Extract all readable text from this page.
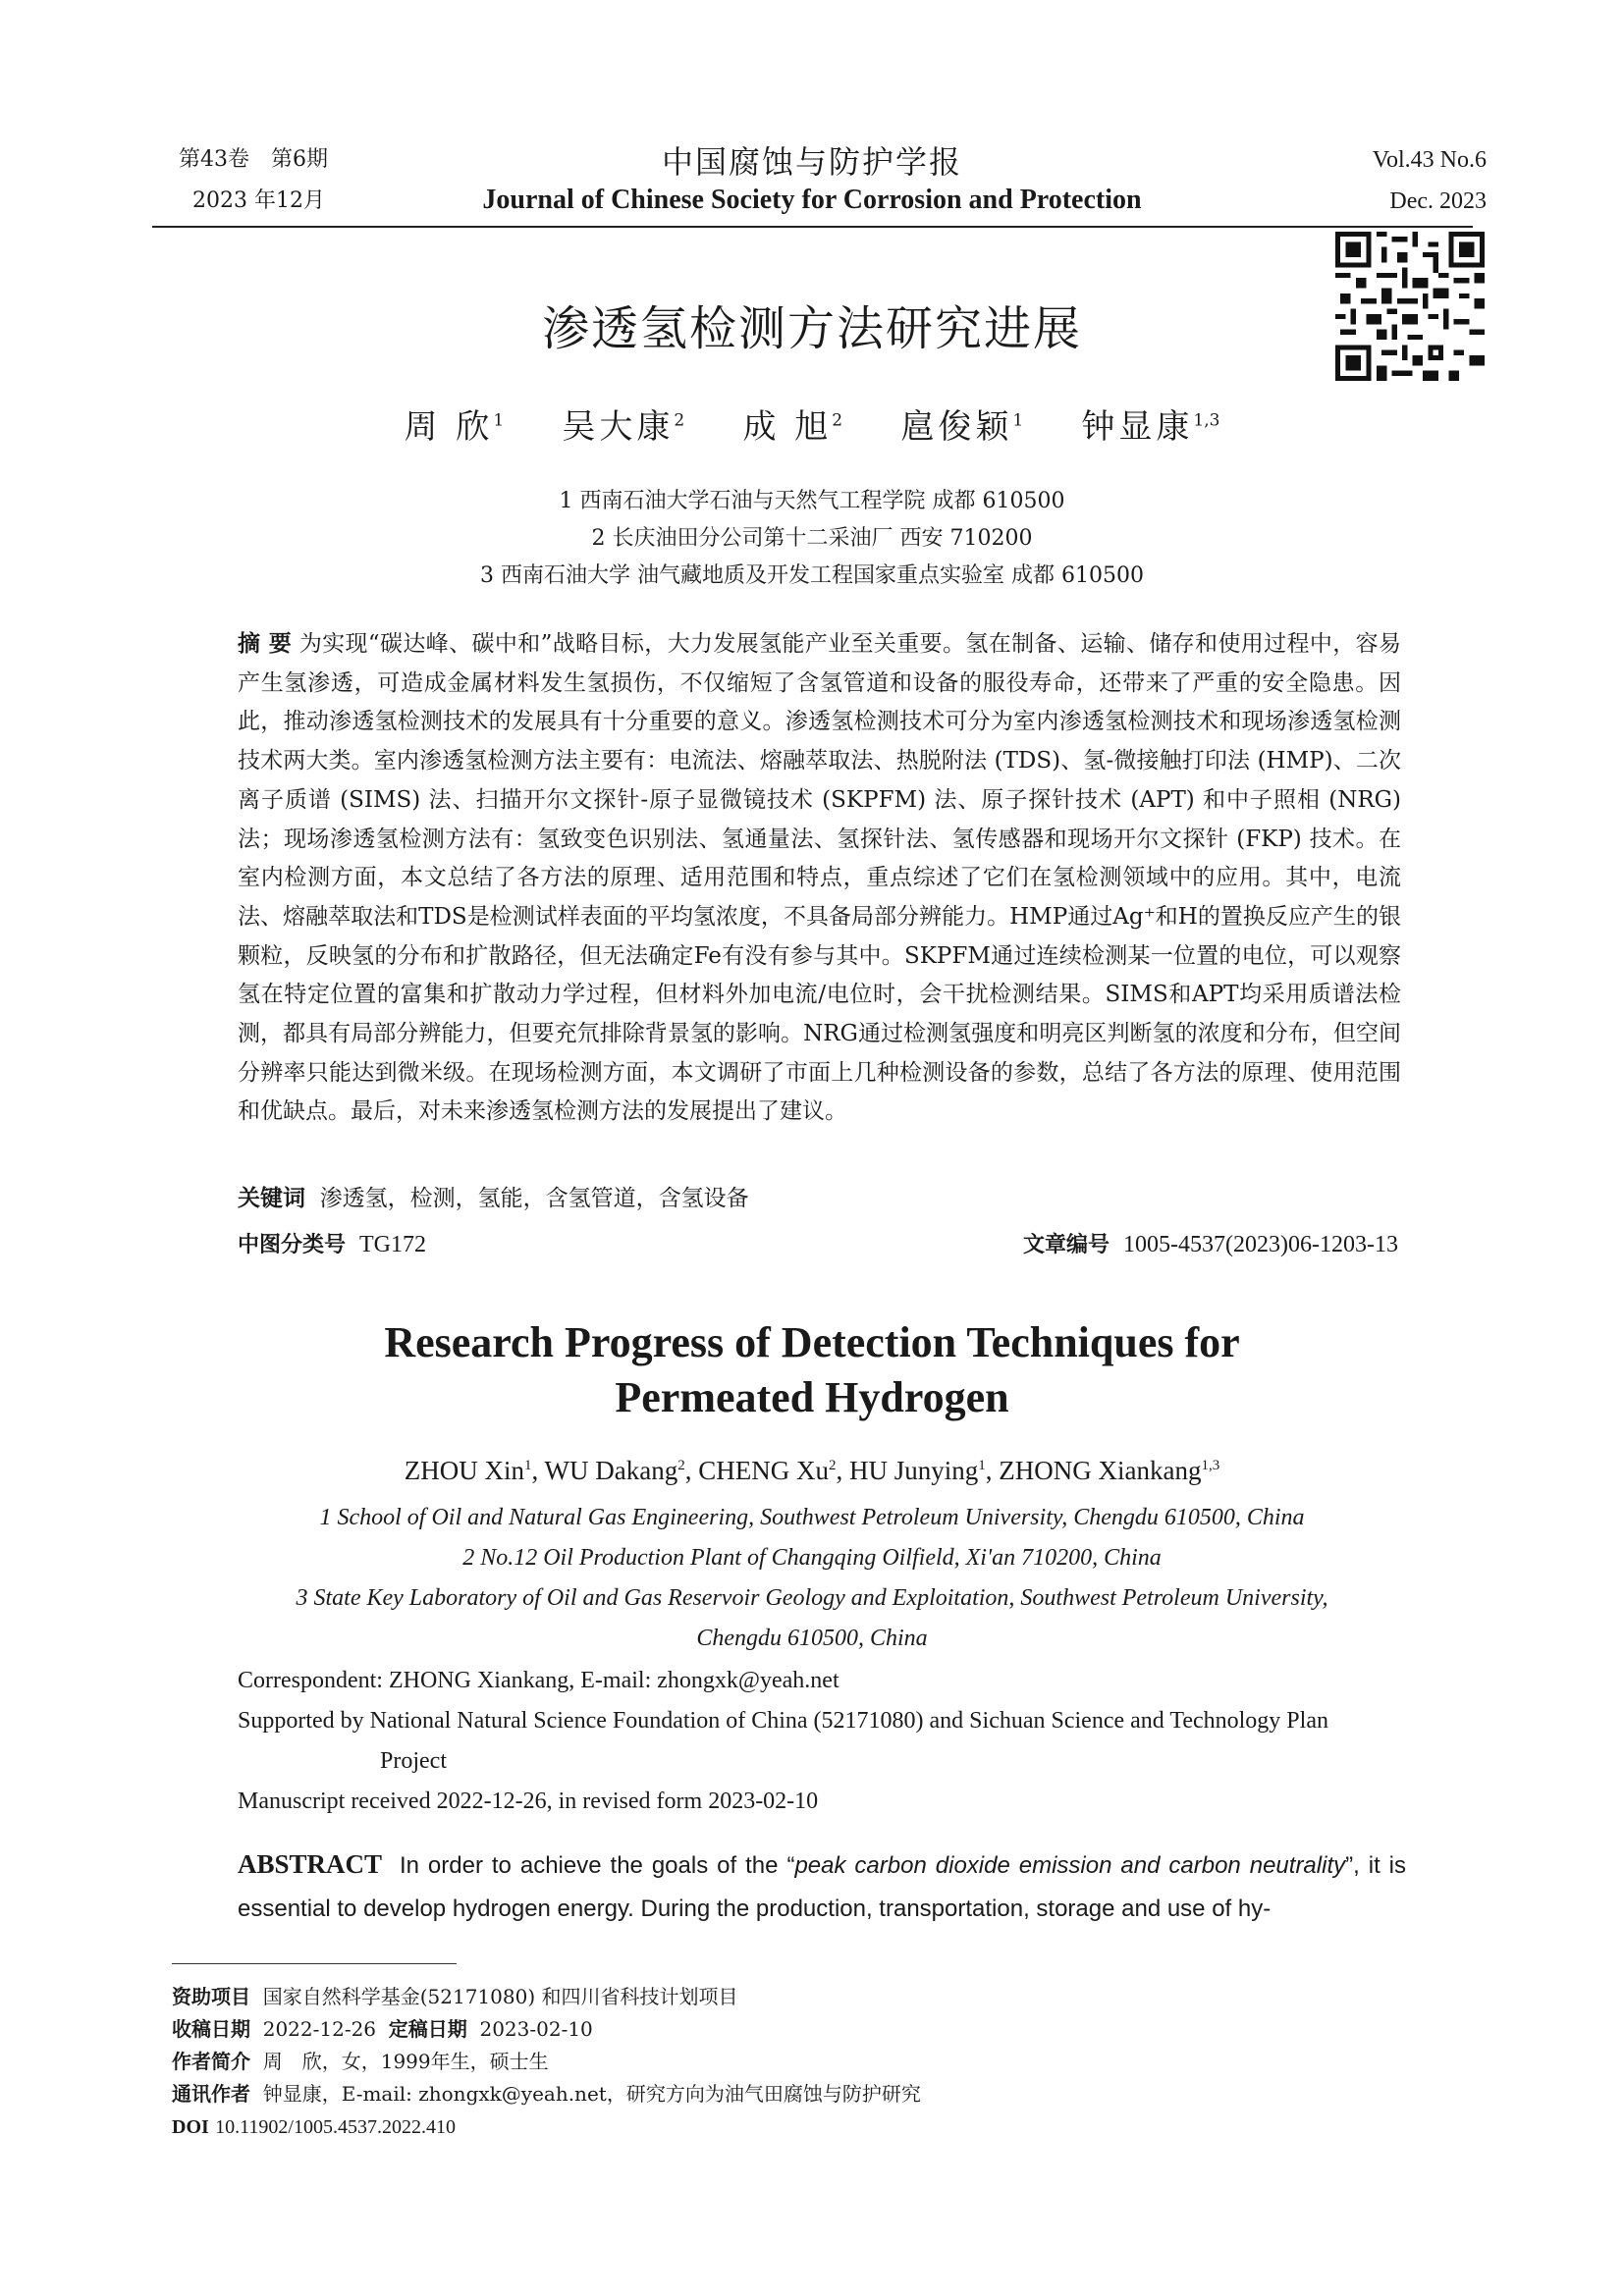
第43卷　第6期
2023 年12月
中国腐蚀与防护学报
Journal of Chinese Society for Corrosion and Protection
Vol.43 No.6
Dec. 2023
渗透氢检测方法研究进展
周 欣$^1$ 吴大康$^2$ 成 旭$^2$ 扈俊颖$^1$ 钟显康$^{1,3}$
1 西南石油大学石油与天然气工程学院 成都 610500
2 长庆油田分公司第十二采油厂 西安 710200
3 西南石油大学 油气藏地质及开发工程国家重点实验室 成都 610500
摘 要 为实现“碳达峰、碳中和”战略目标，大力发展氢能产业至关重要。氢在制备、运输、储存和使用过程中，容易产生氢渗透，可造成金属材料发生氢损伤，不仅缩短了含氢管道和设备的服役寿命，还带来了严重的安全隐患。因此，推动渗透氢检测技术的发展具有十分重要的意义。渗透氢检测技术可分为室内渗透氢检测技术和现场渗透氢检测技术两大类。室内渗透氢检测方法主要有：电流法、熔融萃取法、热脱附法 (TDS)、氢-微接触打印法 (HMP)、二次离子质谱 (SIMS) 法、扫描开尔文探针-原子显微镜技术 (SKPFM) 法、原子探针技术 (APT) 和中子照相 (NRG) 法；现场渗透氢检测方法有：氢致变色识别法、氢通量法、氢探针法、氢传感器和现场开尔文探针 (FKP) 技术。在室内检测方面，本文总结了各方法的原理、适用范围和特点，重点综述了它们在氢检测领域中的应用。其中，电流法、熔融萃取法和TDS是检测试样表面的平均氢浓度，不具备局部分辨能力。HMP通过Ag⁺和H的置换反应产生的银颗粒，反映氢的分布和扩散路径，但无法确定Fe有没有参与其中。SKPFM通过连续检测某一位置的电位，可以观察氢在特定位置的富集和扩散动力学过程，但材料外加电流/电位时，会干扰检测结果。SIMS和APT均采用质谱法检测，都具有局部分辨能力，但要充氘排除背景氢的影响。NRG通过检测氢强度和明亮区判断氢的浓度和分布，但空间分辨率只能达到微米级。在现场检测方面，本文调研了市面上几种检测设备的参数，总结了各方法的原理、使用范围和优缺点。最后，对未来渗透氢检测方法的发展提出了建议。
关键词 渗透氢，检测，氢能，含氢管道，含氢设备
中图分类号 TG172	文章编号 1005-4537(2023)06-1203-13
Research Progress of Detection Techniques for
Permeated Hydrogen
ZHOU Xin$^1$, WU Dakang$^2$, CHENG Xu$^2$, HU Junying$^1$, ZHONG Xiankang$^{1,3}$
1 School of Oil and Natural Gas Engineering, Southwest Petroleum University, Chengdu 610500, China
2 No.12 Oil Production Plant of Changqing Oilfield, Xi'an 710200, China
3 State Key Laboratory of Oil and Gas Reservoir Geology and Exploitation, Southwest Petroleum University,
Chengdu 610500, China
Correspondent: ZHONG Xiankang, E-mail: zhongxk@yeah.net
Supported by National Natural Science Foundation of China (52171080) and Sichuan Science and Technology Plan
Project
Manuscript received 2022-12-26, in revised form 2023-02-10
ABSTRACT In order to achieve the goals of the “peak carbon dioxide emission and carbon neutrality”, it is essential to develop hydrogen energy. During the production, transportation, storage and use of hy-
资助项目 国家自然科学基金(52171080) 和四川省科技计划项目
收稿日期 2022-12-26 定稿日期 2023-02-10
作者简介 周　欣，女，1999年生，硕士生
通讯作者 钟显康，E-mail: zhongxk@yeah.net，研究方向为油气田腐蚀与防护研究
DOI 10.11902/1005.4537.2022.410
